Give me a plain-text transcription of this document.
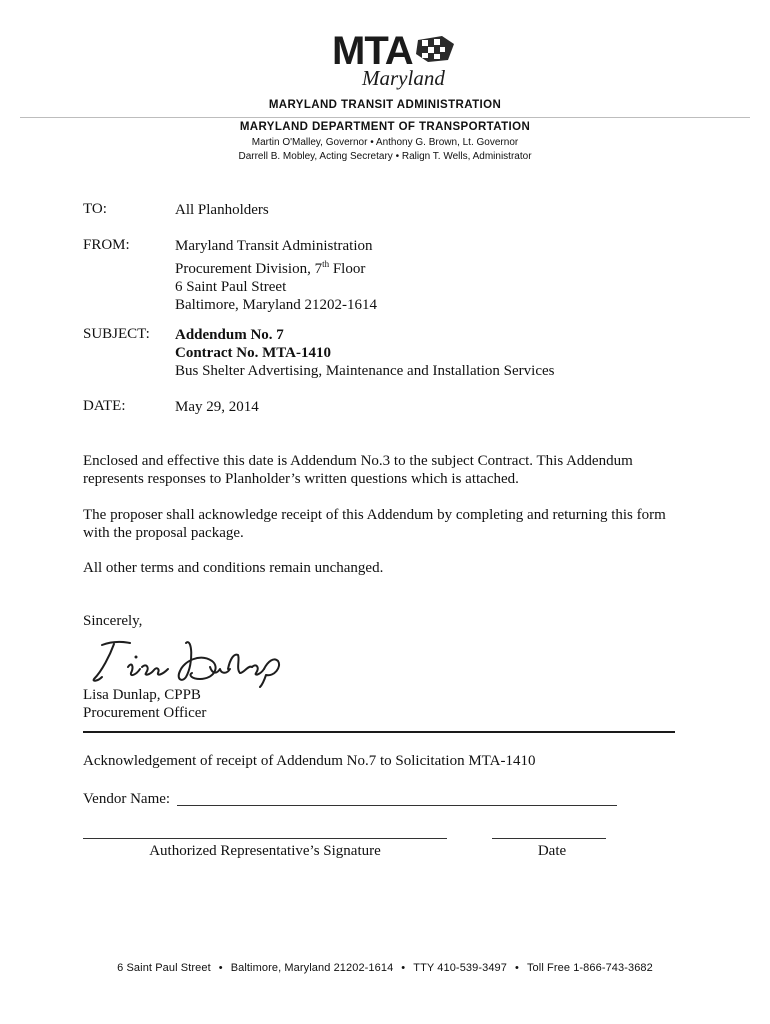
MTA
Maryland
MARYLAND TRANSIT ADMINISTRATION
MARYLAND DEPARTMENT OF TRANSPORTATION
Martin O'Malley, Governor • Anthony G. Brown, Lt. Governor
Darrell B. Mobley, Acting Secretary • Ralign T. Wells, Administrator
TO:	All Planholders
FROM:	Maryland Transit Administration
Procurement Division, 7th Floor
6 Saint Paul Street
Baltimore, Maryland 21202-1614
SUBJECT: Addendum No. 7
Contract No. MTA-1410
Bus Shelter Advertising, Maintenance and Installation Services
DATE:	May 29, 2014
Enclosed and effective this date is Addendum No.3 to the subject Contract. This Addendum
represents responses to Planholder’s written questions which is attached.
The proposer shall acknowledge receipt of this Addendum by completing and returning this form
with the proposal package.
All other terms and conditions remain unchanged.
Sincerely,
Lisa Dunlap, CPPB
Procurement Officer
Acknowledgement of receipt of Addendum No.7 to Solicitation MTA-1410
Vendor Name:
Authorized Representative’s Signature	Date
6 Saint Paul Street • Baltimore, Maryland 21202-1614 • TTY 410-539-3497 • Toll Free 1-866-743-3682
